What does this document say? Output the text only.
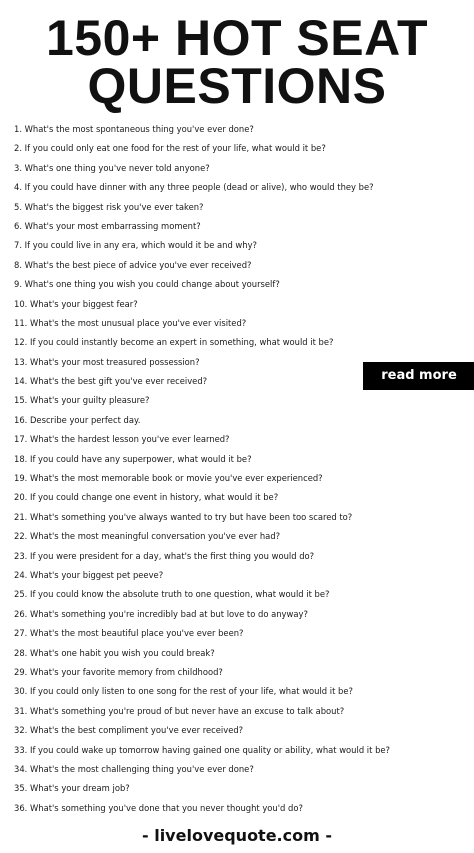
150+ HOT SEAT
QUESTIONS
1. What's the most spontaneous thing you've ever done?
2. If you could only eat one food for the rest of your life, what would it be?
3. What's one thing you've never told anyone?
4. If you could have dinner with any three people (dead or alive), who would they be?
5. What's the biggest risk you've ever taken?
6. What's your most embarrassing moment?
7. If you could live in any era, which would it be and why?
8. What's the best piece of advice you've ever received?
9. What's one thing you wish you could change about yourself?
10. What's your biggest fear?
11. What's the most unusual place you've ever visited?
12. If you could instantly become an expert in something, what would it be?
13. What's your most treasured possession?
14. What's the best gift you've ever received?
15. What's your guilty pleasure?
16. Describe your perfect day.
17. What's the hardest lesson you've ever learned?
18. If you could have any superpower, what would it be?
19. What's the most memorable book or movie you've ever experienced?
20. If you could change one event in history, what would it be?
21. What's something you've always wanted to try but have been too scared to?
22. What's the most meaningful conversation you've ever had?
23. If you were president for a day, what's the first thing you would do?
24. What's your biggest pet peeve?
25. If you could know the absolute truth to one question, what would it be?
26. What's something you're incredibly bad at but love to do anyway?
27. What's the most beautiful place you've ever been?
28. What's one habit you wish you could break?
29. What's your favorite memory from childhood?
30. If you could only listen to one song for the rest of your life, what would it be?
31. What's something you're proud of but never have an excuse to talk about?
32. What's the best compliment you've ever received?
33. If you could wake up tomorrow having gained one quality or ability, what would it be?
34. What's the most challenging thing you've ever done?
35. What's your dream job?
36. What's something you've done that you never thought you'd do?
read more
- livelovequote.com -
